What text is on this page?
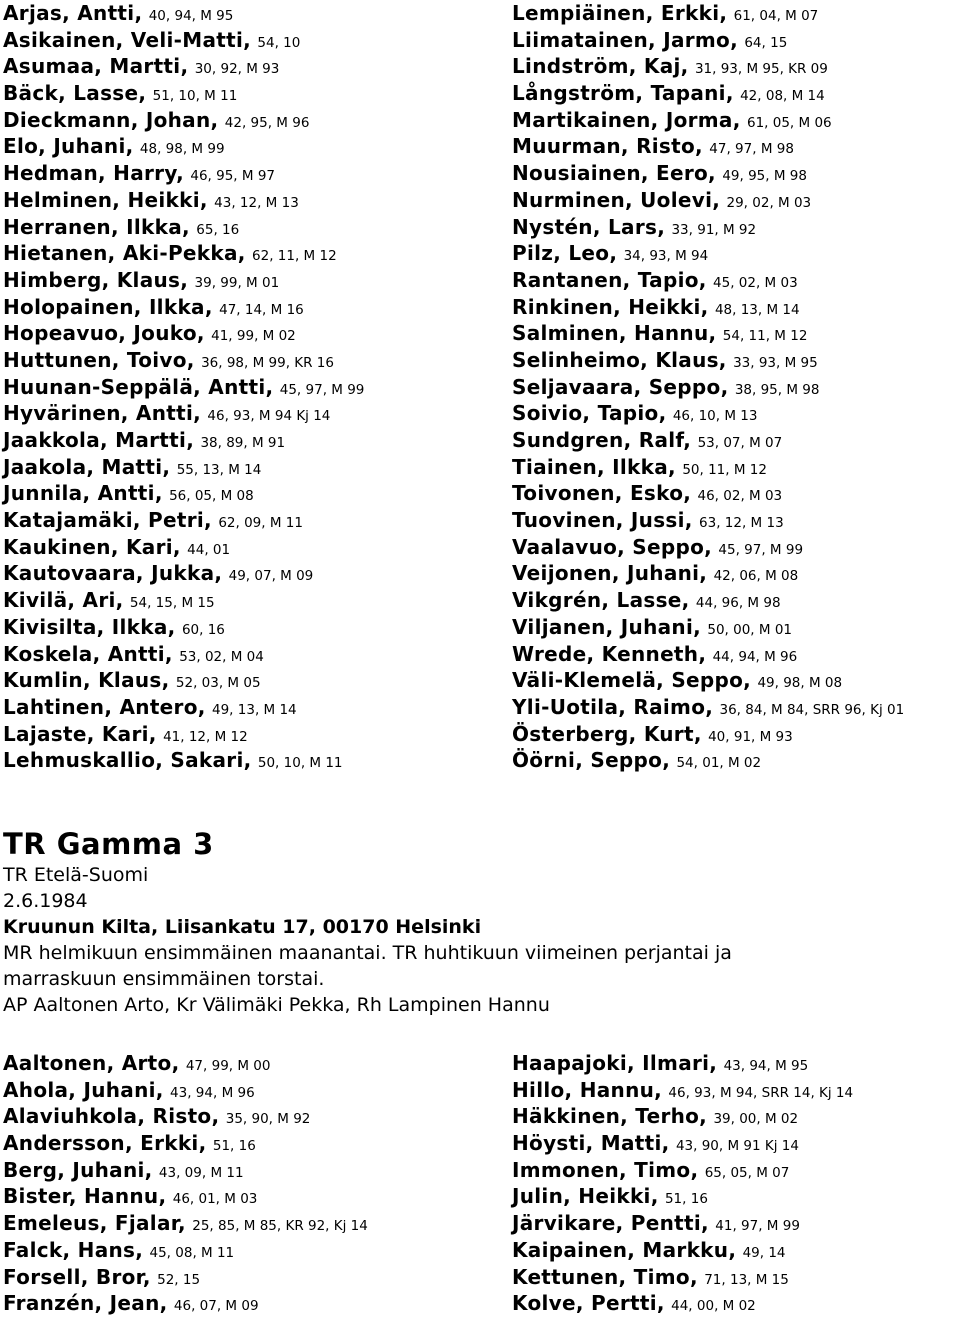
Arjas, Antti, 40, 94, M 95
Asikainen, Veli-Matti, 54, 10
Asumaa, Martti, 30, 92, M 93
Bäck, Lasse, 51, 10, M 11
Dieckmann, Johan, 42, 95, M 96
Elo, Juhani, 48, 98, M 99
Hedman, Harry, 46, 95, M 97
Helminen, Heikki, 43, 12, M 13
Herranen, Ilkka, 65, 16
Hietanen, Aki-Pekka, 62, 11, M 12
Himberg, Klaus, 39, 99, M 01
Holopainen, Ilkka, 47, 14, M 16
Hopeavuo, Jouko, 41, 99, M 02
Huttunen, Toivo, 36, 98, M 99, KR 16
Huunan-Seppälä, Antti, 45, 97, M 99
Hyvärinen, Antti, 46, 93, M 94 Kj 14
Jaakkola, Martti, 38, 89, M 91
Jaakola, Matti, 55, 13, M 14
Junnila, Antti, 56, 05, M 08
Katajamäki, Petri, 62, 09, M 11
Kaukinen, Kari, 44, 01
Kautovaara, Jukka, 49, 07, M 09
Kivilä, Ari, 54, 15, M 15
Kivisilta, Ilkka, 60, 16
Koskela, Antti, 53, 02, M 04
Kumlin, Klaus, 52, 03, M 05
Lahtinen, Antero, 49, 13, M 14
Lajaste, Kari, 41, 12, M 12
Lehmuskallio, Sakari, 50, 10, M 11
Lempiäinen, Erkki, 61, 04, M 07
Liimatainen, Jarmo, 64, 15
Lindström, Kaj, 31, 93, M 95, KR 09
Långström, Tapani, 42, 08, M 14
Martikainen, Jorma, 61, 05, M 06
Muurman, Risto, 47, 97, M 98
Nousiainen, Eero, 49, 95, M 98
Nurminen, Uolevi, 29, 02, M 03
Nystén, Lars, 33, 91, M 92
Pilz, Leo, 34, 93, M 94
Rantanen, Tapio, 45, 02, M 03
Rinkinen, Heikki, 48, 13, M 14
Salminen, Hannu, 54, 11, M 12
Selinheimo, Klaus, 33, 93, M 95
Seljavaara, Seppo, 38, 95, M 98
Soivio, Tapio, 46, 10, M 13
Sundgren, Ralf, 53, 07, M 07
Tiainen, Ilkka, 50, 11, M 12
Toivonen, Esko, 46, 02, M 03
Tuovinen, Jussi, 63, 12, M 13
Vaalavuo, Seppo, 45, 97, M 99
Veijonen, Juhani, 42, 06, M 08
Vikgrén, Lasse, 44, 96, M 98
Viljanen, Juhani, 50, 00, M 01
Wrede, Kenneth, 44, 94, M 96
Väli-Klemelä, Seppo, 49, 98, M 08
Yli-Uotila, Raimo, 36, 84, M 84, SRR 96, Kj 01
Österberg, Kurt, 40, 91, M 93
Öörni, Seppo, 54, 01, M 02
TR Gamma 3
TR Etelä-Suomi
2.6.1984
Kruunun Kilta, Liisankatu 17, 00170 Helsinki
MR helmikuun ensimmäinen maanantai. TR huhtikuun viimeinen perjantai ja
marraskuun ensimmäinen torstai.
AP Aaltonen Arto, Kr Välimäki Pekka, Rh Lampinen Hannu
Aaltonen, Arto, 47, 99, M 00
Ahola, Juhani, 43, 94, M 96
Alaviuhkola, Risto, 35, 90, M 92
Andersson, Erkki, 51, 16
Berg, Juhani, 43, 09, M 11
Bister, Hannu, 46, 01, M 03
Emeleus, Fjalar, 25, 85, M 85, KR 92, Kj 14
Falck, Hans, 45, 08, M 11
Forsell, Bror, 52, 15
Franzén, Jean, 46, 07, M 09
Haapajoki, Ilmari, 43, 94, M 95
Hillo, Hannu, 46, 93, M 94, SRR 14, Kj 14
Häkkinen, Terho, 39, 00, M 02
Höysti, Matti, 43, 90, M 91 Kj 14
Immonen, Timo, 65, 05, M 07
Julin, Heikki, 51, 16
Järvikare, Pentti, 41, 97, M 99
Kaipainen, Markku, 49, 14
Kettunen, Timo, 71, 13, M 15
Kolve, Pertti, 44, 00, M 02
